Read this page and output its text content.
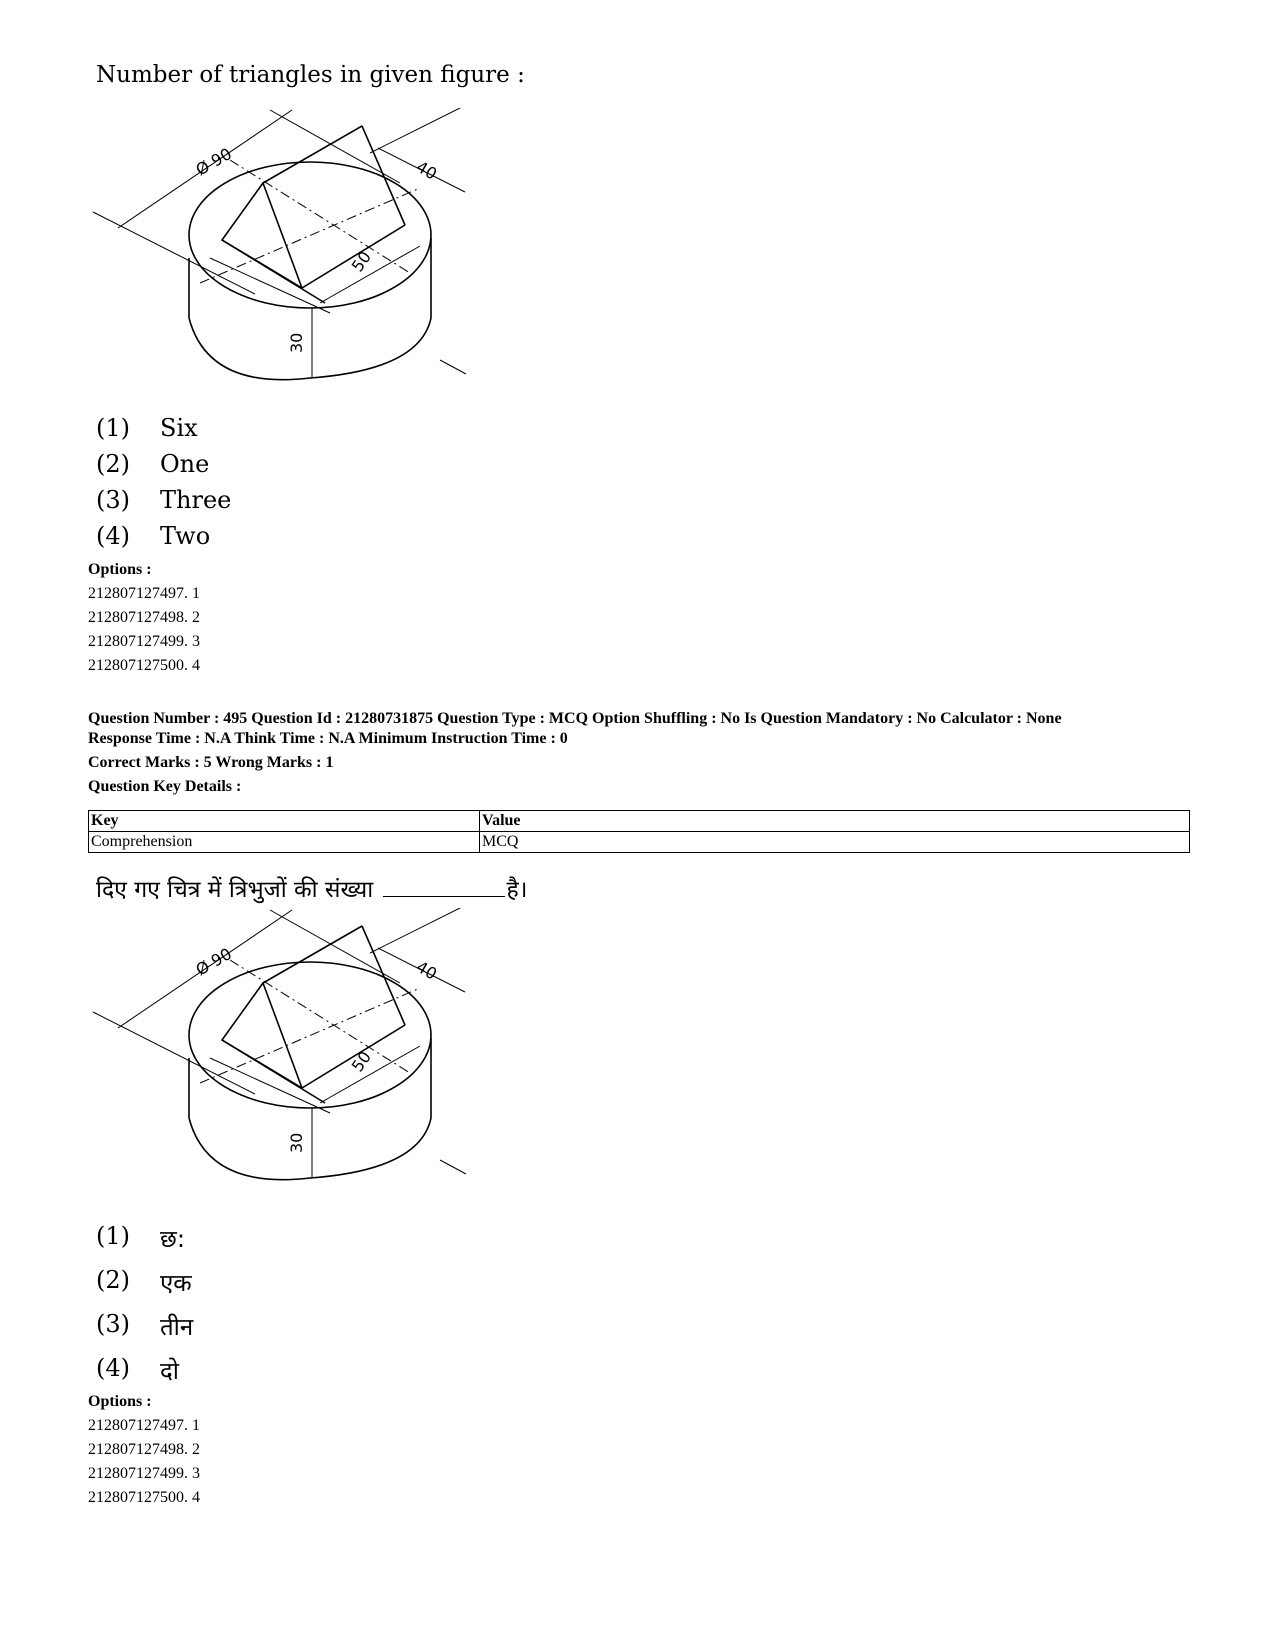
Number of triangles in given figure :
Ø 90	40
50
30
(1)	Six
(2)	One
(3)	Three
(4)	Two
Options :
212807127497. 1
212807127498. 2
212807127499. 3
212807127500. 4
Question Number : 495 Question Id : 21280731875 Question Type : MCQ Option Shuffling : No Is Question Mandatory : No Calculator : None
Response Time : N.A Think Time : N.A Minimum Instruction Time : 0
Correct Marks : 5 Wrong Marks : 1
Question Key Details :
Key	Value
Comprehension	MCQ
दिए गए चित्र में त्रिभुजों की संख्या	है।
Ø 90	40
50
30
(1)	छ:
(2)	एक
(3)	तीन
(4)	दो
Options :
212807127497. 1
212807127498. 2
212807127499. 3
212807127500. 4
